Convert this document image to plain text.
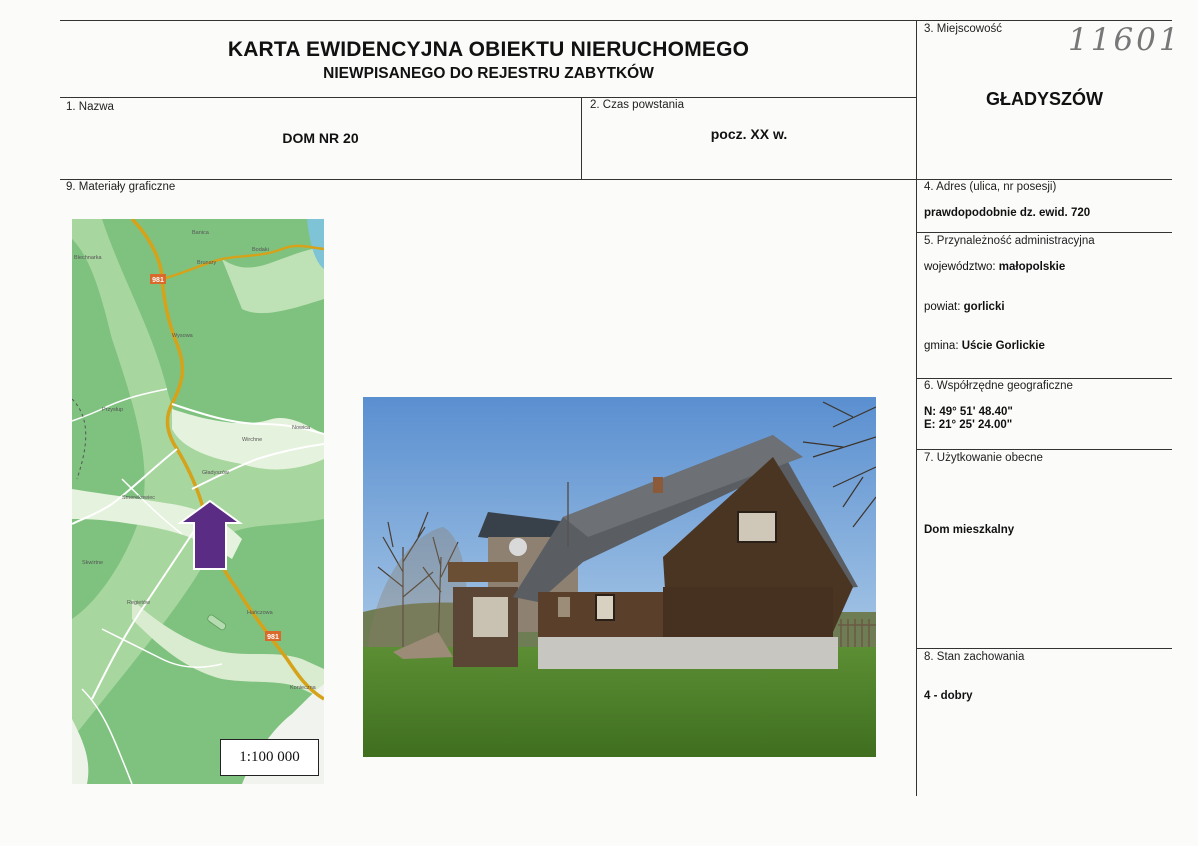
KARTA EWIDENCYJNA OBIEKTU NIERUCHOMEGO
NIEWPISANEGO DO REJESTRU ZABYTKÓW
11601
1. Nazwa
DOM NR 20
2. Czas powstania
pocz. XX w.
3. Miejscowość
GŁADYSZÓW
4. Adres (ulica, nr posesji)
prawdopodobnie dz. ewid. 720
5. Przynależność administracyjna
województwo: małopolskie
powiat: gorlicki
gmina: Uście Gorlickie
6. Współrzędne geograficzne
N: 49° 51' 48.40"
E: 21° 25' 24.00"
7. Użytkowanie obecne
Dom mieszkalny
8. Stan zachowania
4 - dobry
9. Materiały graficzne
981
981
Banica
Bodaki
Brunary
Gładyszów
Wysowa
Blechnarka
Regietów
Hańczowa
Skwirtne
Konieczna
Przysłup
Wirchne
Nowica
Smerekowiec
1:100 000
